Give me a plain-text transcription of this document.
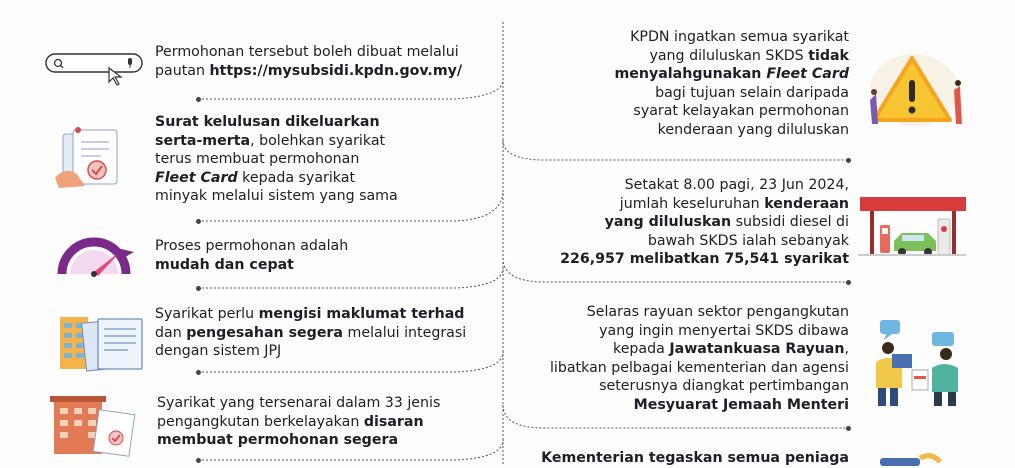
Permohonan tersebut boleh dibuat melalui
pautan https://mysubsidi.kpdn.gov.my/
Surat kelulusan dikeluarkan
serta-merta, bolehkan syarikat
terus membuat permohonan
Fleet Card kepada syarikat
minyak melalui sistem yang sama
Proses permohonan adalah
mudah dan cepat
Syarikat perlu mengisi maklumat terhad
dan pengesahan segera melalui integrasi
dengan sistem JPJ
Syarikat yang tersenarai dalam 33 jenis
pengangkutan berkelayakan disaran
membuat permohonan segera
KPDN ingatkan semua syarikat
yang diluluskan SKDS tidak
menyalahgunakan Fleet Card
bagi tujuan selain daripada
syarat kelayakan permohonan
kenderaan yang diluluskan
Setakat 8.00 pagi, 23 Jun 2024,
jumlah keseluruhan kenderaan
yang diluluskan subsidi diesel di
bawah SKDS ialah sebanyak
226,957 melibatkan 75,541 syarikat
Selaras rayuan sektor pengangkutan
yang ingin menyertai SKDS dibawa
kepada Jawatankuasa Rayuan,
libatkan pelbagai kementerian dan agensi
seterusnya diangkat pertimbangan
Mesyuarat Jemaah Menteri
Kementerian tegaskan semua peniaga
